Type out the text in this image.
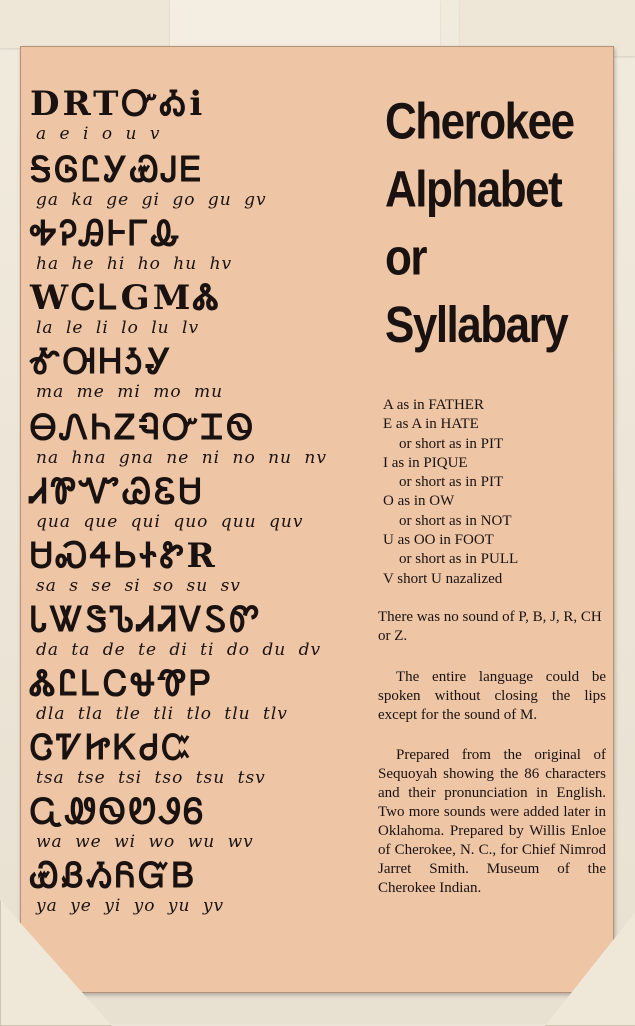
DRTᏅᎣi
a e i o u v
ᎦᎶᏝᎩᏯᎫᎬ
ga ka ge gi go gu gv
ᎭᎮᎯᎰᎱᎲ
ha he hi ho hu hv
WᏟᏞGMᏜ
la le li lo lu lv
ᎹᎺᎻᎼᎽ
ma me mi mo mu
ᎾᏁᏂᏃᏄᏅᏆᏫ
na hna gna ne ni no nu nv
ᏗᏈᏉᏊᏋᏌ
qua que qui quo quu quv
ᏌᏍᏎᏏᏐᏑR
sa s se si so su sv
ᏓᏔᏕᏖᏗᏘᏙᏚᏛ
da ta de te di ti do du dv
ᏜᏝᏞᏟᏠᏡᏢ
dla tla tle tli tlo tlu tlv
ᏣᏤᏥᏦᏧᏨ
tsa tse tsi tso tsu tsv
ᏩᏪᏫᏬᏭᏮ
wa we wi wo wu wv
ᏯᏰᏱᏲᏳᏴ
ya ye yi yo yu yv
Cherokee
Alphabet
or
Syllabary
A as in FATHER
E as A in HATE
or short as in PIT
I as in PIQUE
or short as in PIT
O as in OW
or short as in NOT
U as OO in FOOT
or short as in PULL
V short U nazalized
There was no sound of P, B, J, R, CH or Z.
The entire language could be spoken without closing the lips except for the sound of M.
Prepared from the original of Sequoyah showing the 86 characters and their pronunciation in English. Two more sounds were added later in Oklahoma. Prepared by Willis Enloe of Cherokee, N. C., for Chief Nimrod Jarret Smith. Museum of the Cherokee Indian.
